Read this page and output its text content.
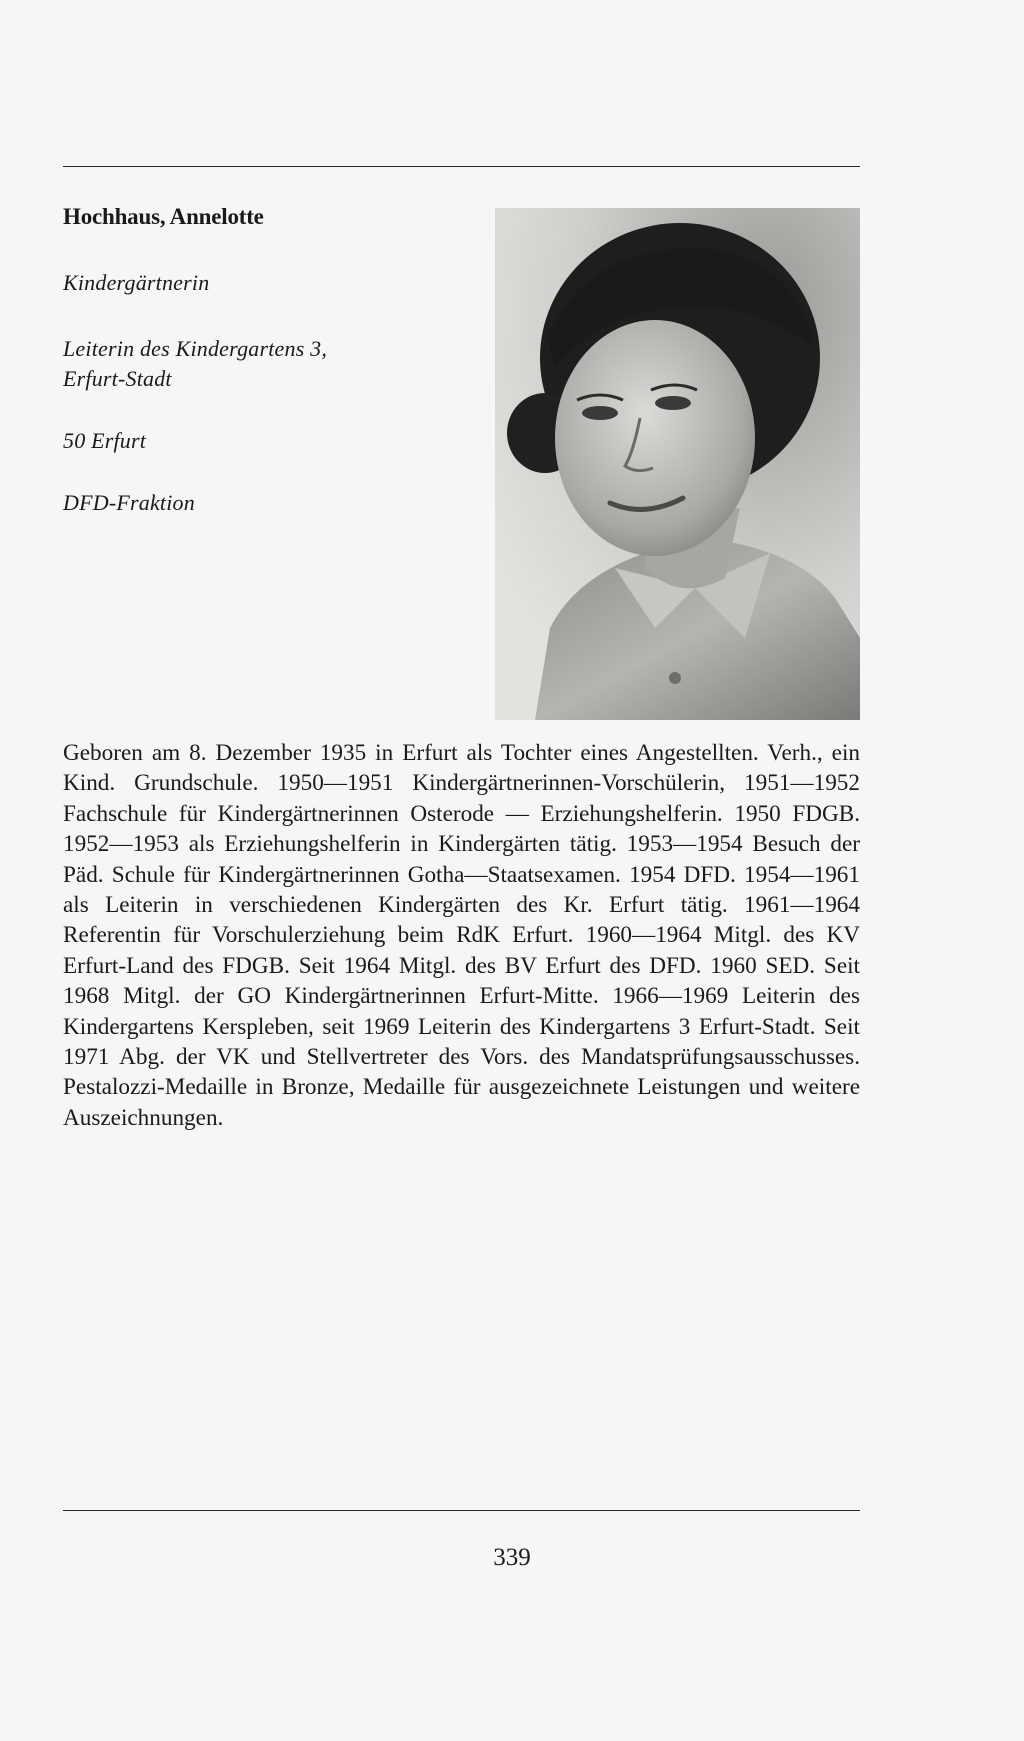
Hochhaus, Annelotte
Kindergärtnerin
Leiterin des Kindergartens 3,
Erfurt-Stadt
50 Erfurt
DFD-Fraktion
Geboren am 8. Dezember 1935 in Erfurt als Tochter eines Angestellten. Verh., ein Kind. Grundschule. 1950—1951 Kindergärtnerinnen-Vorschülerin, 1951—1952 Fachschule für Kindergärtnerinnen Osterode — Erziehungshelferin. 1950 FDGB. 1952—1953 als Erziehungshelferin in Kindergärten tätig. 1953—1954 Besuch der Päd. Schule für Kindergärtnerinnen Gotha—Staatsexamen. 1954 DFD. 1954—1961 als Leiterin in verschiedenen Kindergärten des Kr. Erfurt tätig. 1961—1964 Referentin für Vorschulerziehung beim RdK Erfurt. 1960—1964 Mitgl. des KV Erfurt-Land des FDGB. Seit 1964 Mitgl. des BV Erfurt des DFD. 1960 SED. Seit 1968 Mitgl. der GO Kindergärtnerinnen Erfurt-Mitte. 1966—1969 Leiterin des Kindergartens Kerspleben, seit 1969 Leiterin des Kindergartens 3 Erfurt-Stadt. Seit 1971 Abg. der VK und Stellvertreter des Vors. des Mandatsprüfungsausschusses. Pestalozzi-Medaille in Bronze, Medaille für ausgezeichnete Leistungen und weitere Auszeichnungen.
339
